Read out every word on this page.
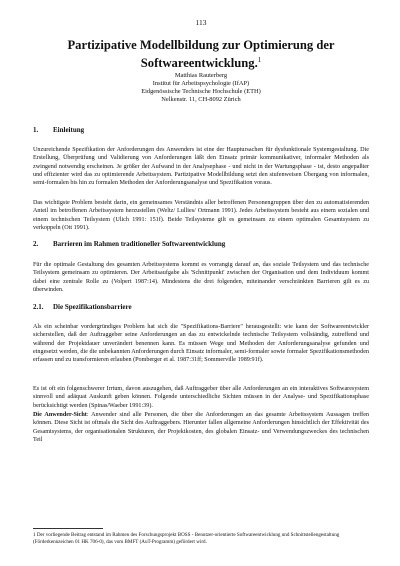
113
Partizipative Modellbildung zur Optimierung der
Softwareentwicklung.$^1$
Matthias Rauterberg
Institut für Arbeitspsychologie (IfAP)
Eidgenössische Technische Hochschule (ETH)
Nelkenstr. 11, CH-8092 Zürich
1. Einleitung
Unzureichende Spezifikation der Anforderungen des Anwenders ist eine der Hauptursachen für dysfunktionale Systemgestaltung. Die Erstellung, Überprüfung und Validierung von Anforderungen läßt den Einsatz primär kommunikativer, informaler Methoden als zwingend notwendig erscheinen. Je größer der Aufwand in der Analysephase - und nicht in der Wartungsphase - ist, desto angepaßter und effizienter wird das zu optimierende Arbeitssystem. Partizipative Modellbildung setzt den stufenweisen Übergang von informalen, semi-formalen bis hin zu formalen Methoden der Anforderungsanalyse und Spezifikation voraus.
Das wichtigste Problem besteht darin, ein gemeinsames Verständnis aller betroffenen Personengruppen über den zu automatisierenden Anteil im betroffenen Arbeitssystem herzustellen (Weltz/ Lullies/ Ortmann 1991). Jedes Arbeitssystem besteht aus einem sozialen und einem technischen Teilsystem (Ulich 1991: 151f). Beide Teilsysteme gilt es gemeinsam zu einem optimalen Gesamtsystem zu verkoppeln (Ott 1991).
2. Barrieren im Rahmen traditioneller Softwareentwicklung
Für die optimale Gestaltung des gesamten Arbeitssystems kommt es vorrangig darauf an, das soziale Teilsystem und das technische Teilsystem gemeinsam zu optimieren. Der Arbeitsaufgabe als 'Schnittpunkt' zwischen der Organisation und dem Individuum kommt dabei eine zentrale Rolle zu (Volpert 1987:14). Mindestens die drei folgenden, miteinander verschränkten Barrieren gilt es zu überwinden.
2.1. Die Spezifikationsbarriere
Als ein scheinbar vordergründiges Problem hat sich die "Spezifikations-Barriere" herausgestellt: wie kann der Softwareentwickler sicherstellen, daß der Auftraggeber seine Anforderungen an das zu entwickelnde technische Teilsystem vollständig, zutreffend und während der Projektdauer unverändert benennen kann. Es müssen Wege und Methoden der Anforderungsanalyse gefunden und eingesetzt werden, die die unbekannten Anforderungen durch Einsatz informaler, semi-formaler sowie formaler Spezifikationsmethoden erfassen und zu transformieren erlauben (Pomberger et al. 1987:31ff; Sommerville 1989:91f).
Es ist oft ein folgenschwerer Irrtum, davon auszugehen, daß Auftraggeber über alle Anforderungen an ein interaktives Softwaresystem sinnvoll und adäquat Auskunft geben können. Folgende unterschiedliche Sichten müssen in der Analyse- und Spezifikationsphase berücksichtigt werden (Spinas/Waeber 1991:39).
Die Anwender-Sicht: Anwender sind alle Personen, die über die Anforderungen an das gesamte Arbeitssystem Aussagen treffen können. Diese Sicht ist oftmals die Sicht des Auftraggebers. Hierunter fallen allgemeine Anforderungen hinsichtlich der Effektivität des Gesamtsystems, der organisationalen Strukturen, der Projektkosten, des globalen Einsatz- und Verwendungszweckes des technischen Teil
1 Der vorliegende Beitrag entstand im Rahmen des Forschungsprojekt BOSS - Benutzer-orientierte Softwareentwicklung und Schnittstellengestaltung (Förderkennzeichen 01 HK 706-0), das vom BMFT (AuT-Programm) gefördert wird.
